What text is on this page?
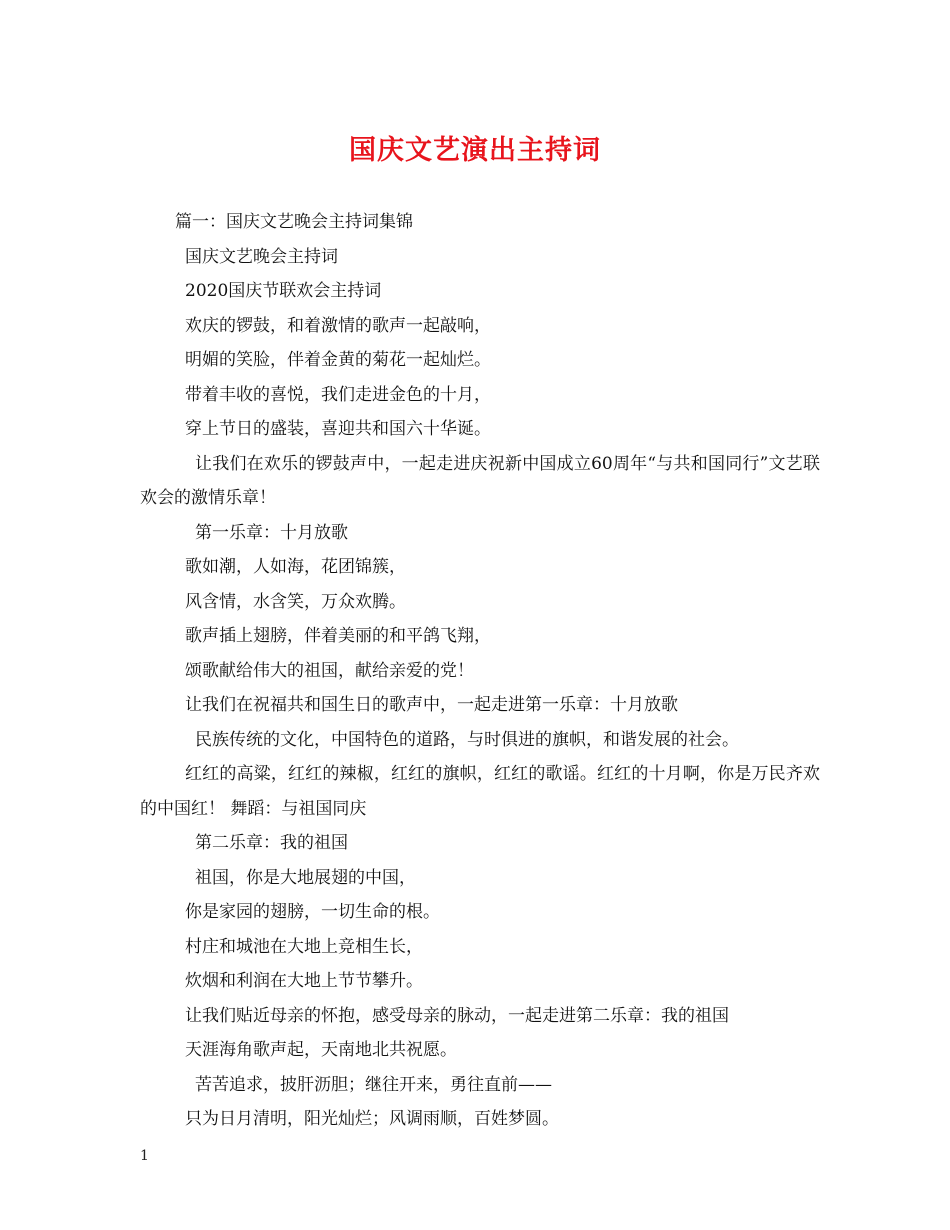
国庆文艺演出主持词
篇一：国庆文艺晚会主持词集锦
国庆文艺晚会主持词
2020国庆节联欢会主持词
欢庆的锣鼓，和着激情的歌声一起敲响，
明媚的笑脸，伴着金黄的菊花一起灿烂。
带着丰收的喜悦，我们走进金色的十月，
穿上节日的盛装，喜迎共和国六十华诞。
让我们在欢乐的锣鼓声中，一起走进庆祝新中国成立60周年“与共和国同行”文艺联欢会的激情乐章！
第一乐章：十月放歌
歌如潮，人如海，花团锦簇，
风含情，水含笑，万众欢腾。
歌声插上翅膀，伴着美丽的和平鸽飞翔，
颂歌献给伟大的祖国，献给亲爱的党！
让我们在祝福共和国生日的歌声中，一起走进第一乐章：十月放歌
民族传统的文化，中国特色的道路，与时俱进的旗帜，和谐发展的社会。
红红的高粱，红红的辣椒，红红的旗帜，红红的歌谣。红红的十月啊，你是万民齐欢的中国红！ 舞蹈：与祖国同庆
第二乐章：我的祖国
祖国，你是大地展翅的中国，
你是家园的翅膀，一切生命的根。
村庄和城池在大地上竞相生长，
炊烟和利润在大地上节节攀升。
让我们贴近母亲的怀抱，感受母亲的脉动，一起走进第二乐章：我的祖国
天涯海角歌声起，天南地北共祝愿。
苦苦追求，披肝沥胆；继往开来，勇往直前——
只为日月清明，阳光灿烂；风调雨顺，百姓梦圆。
1
